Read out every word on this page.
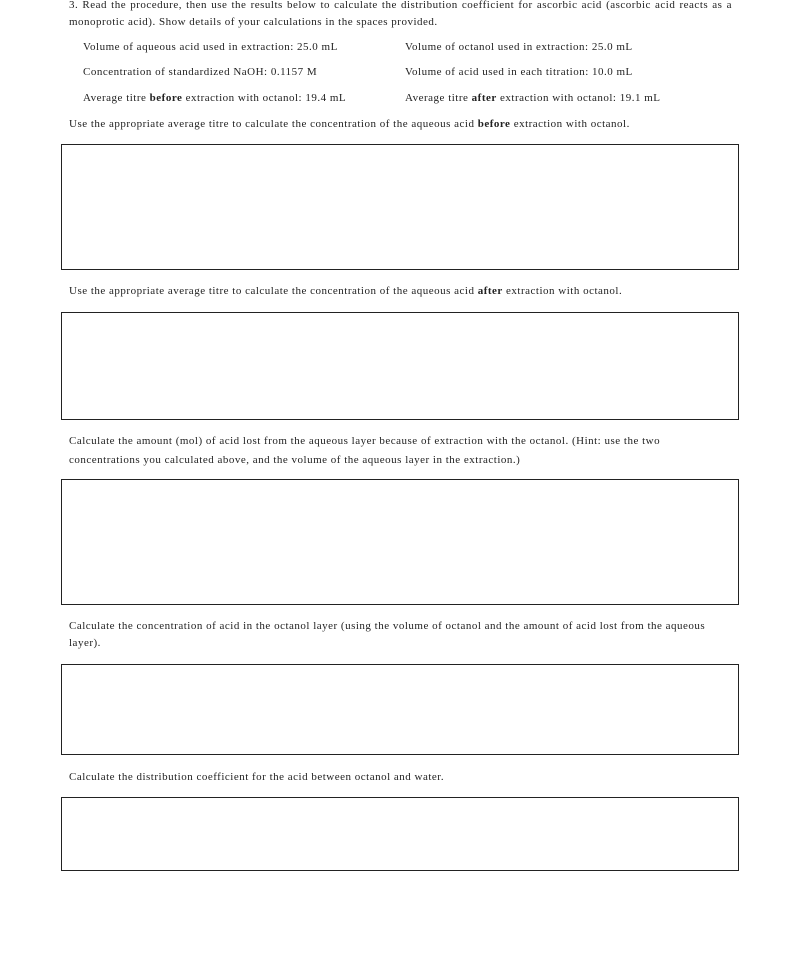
3. Read the procedure, then use the results below to calculate the distribution coefficient for ascorbic acid (ascorbic acid reacts as a monoprotic acid). Show details of your calculations in the spaces provided.
Volume of aqueous acid used in extraction: 25.0 mL	Volume of octanol used in extraction: 25.0 mL
Concentration of standardized NaOH: 0.1157 M	Volume of acid used in each titration: 10.0 mL
Average titre before extraction with octanol: 19.4 mL	Average titre after extraction with octanol: 19.1 mL
Use the appropriate average titre to calculate the concentration of the aqueous acid before extraction with octanol.
Use the appropriate average titre to calculate the concentration of the aqueous acid after extraction with octanol.
Calculate the amount (mol) of acid lost from the aqueous layer because of extraction with the octanol. (Hint: use the two concentrations you calculated above, and the volume of the aqueous layer in the extraction.)
Calculate the concentration of acid in the octanol layer (using the volume of octanol and the amount of acid lost from the aqueous layer).
Calculate the distribution coefficient for the acid between octanol and water.
